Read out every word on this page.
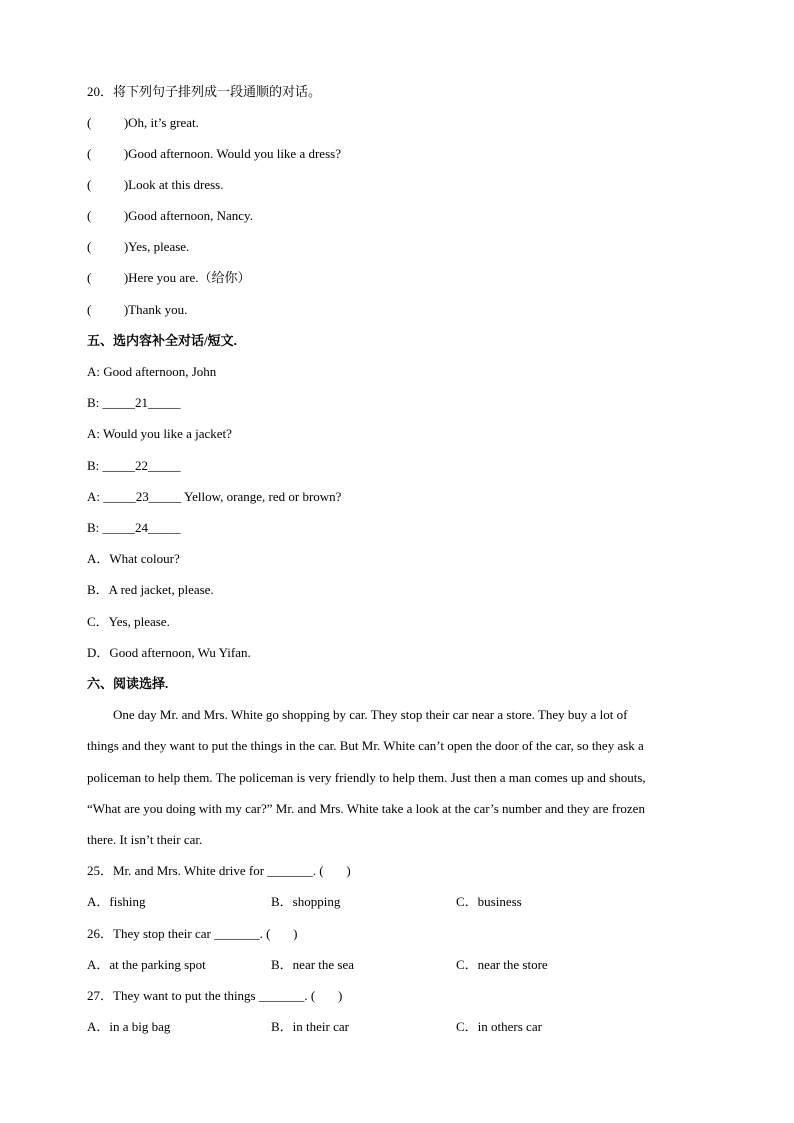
20．将下列句子排列成一段通顺的对话。
(          )Oh, it’s great.
(          )Good afternoon. Would you like a dress?
(          )Look at this dress.
(          )Good afternoon, Nancy.
(          )Yes, please.
(          )Here you are.（给你）
(          )Thank you.
五、选内容补全对话/短文.
A: Good afternoon, John
B: _____21_____
A: Would you like a jacket?
B: _____22_____
A: _____23_____ Yellow, orange, red or brown?
B: _____24_____
A．What colour?
B．A red jacket, please.
C．Yes, please.
D．Good afternoon, Wu Yifan.
六、阅读选择.
One day Mr. and Mrs. White go shopping by car. They stop their car near a store. They buy a lot of
things and they want to put the things in the car. But Mr. White can’t open the door of the car, so they ask a
policeman to help them. The policeman is very friendly to help them. Just then a man comes up and shouts,
“What are you doing with my car?” Mr. and Mrs. White take a look at the car’s number and they are frozen
there. It isn’t their car.
25．Mr. and Mrs. White drive for _______. (       )
A．fishing	B．shopping	C．business
26．They stop their car _______. (       )
A．at the parking spot	B．near the sea	C．near the store
27．They want to put the things _______. (       )
A．in a big bag	B．in their car	C．in others car
